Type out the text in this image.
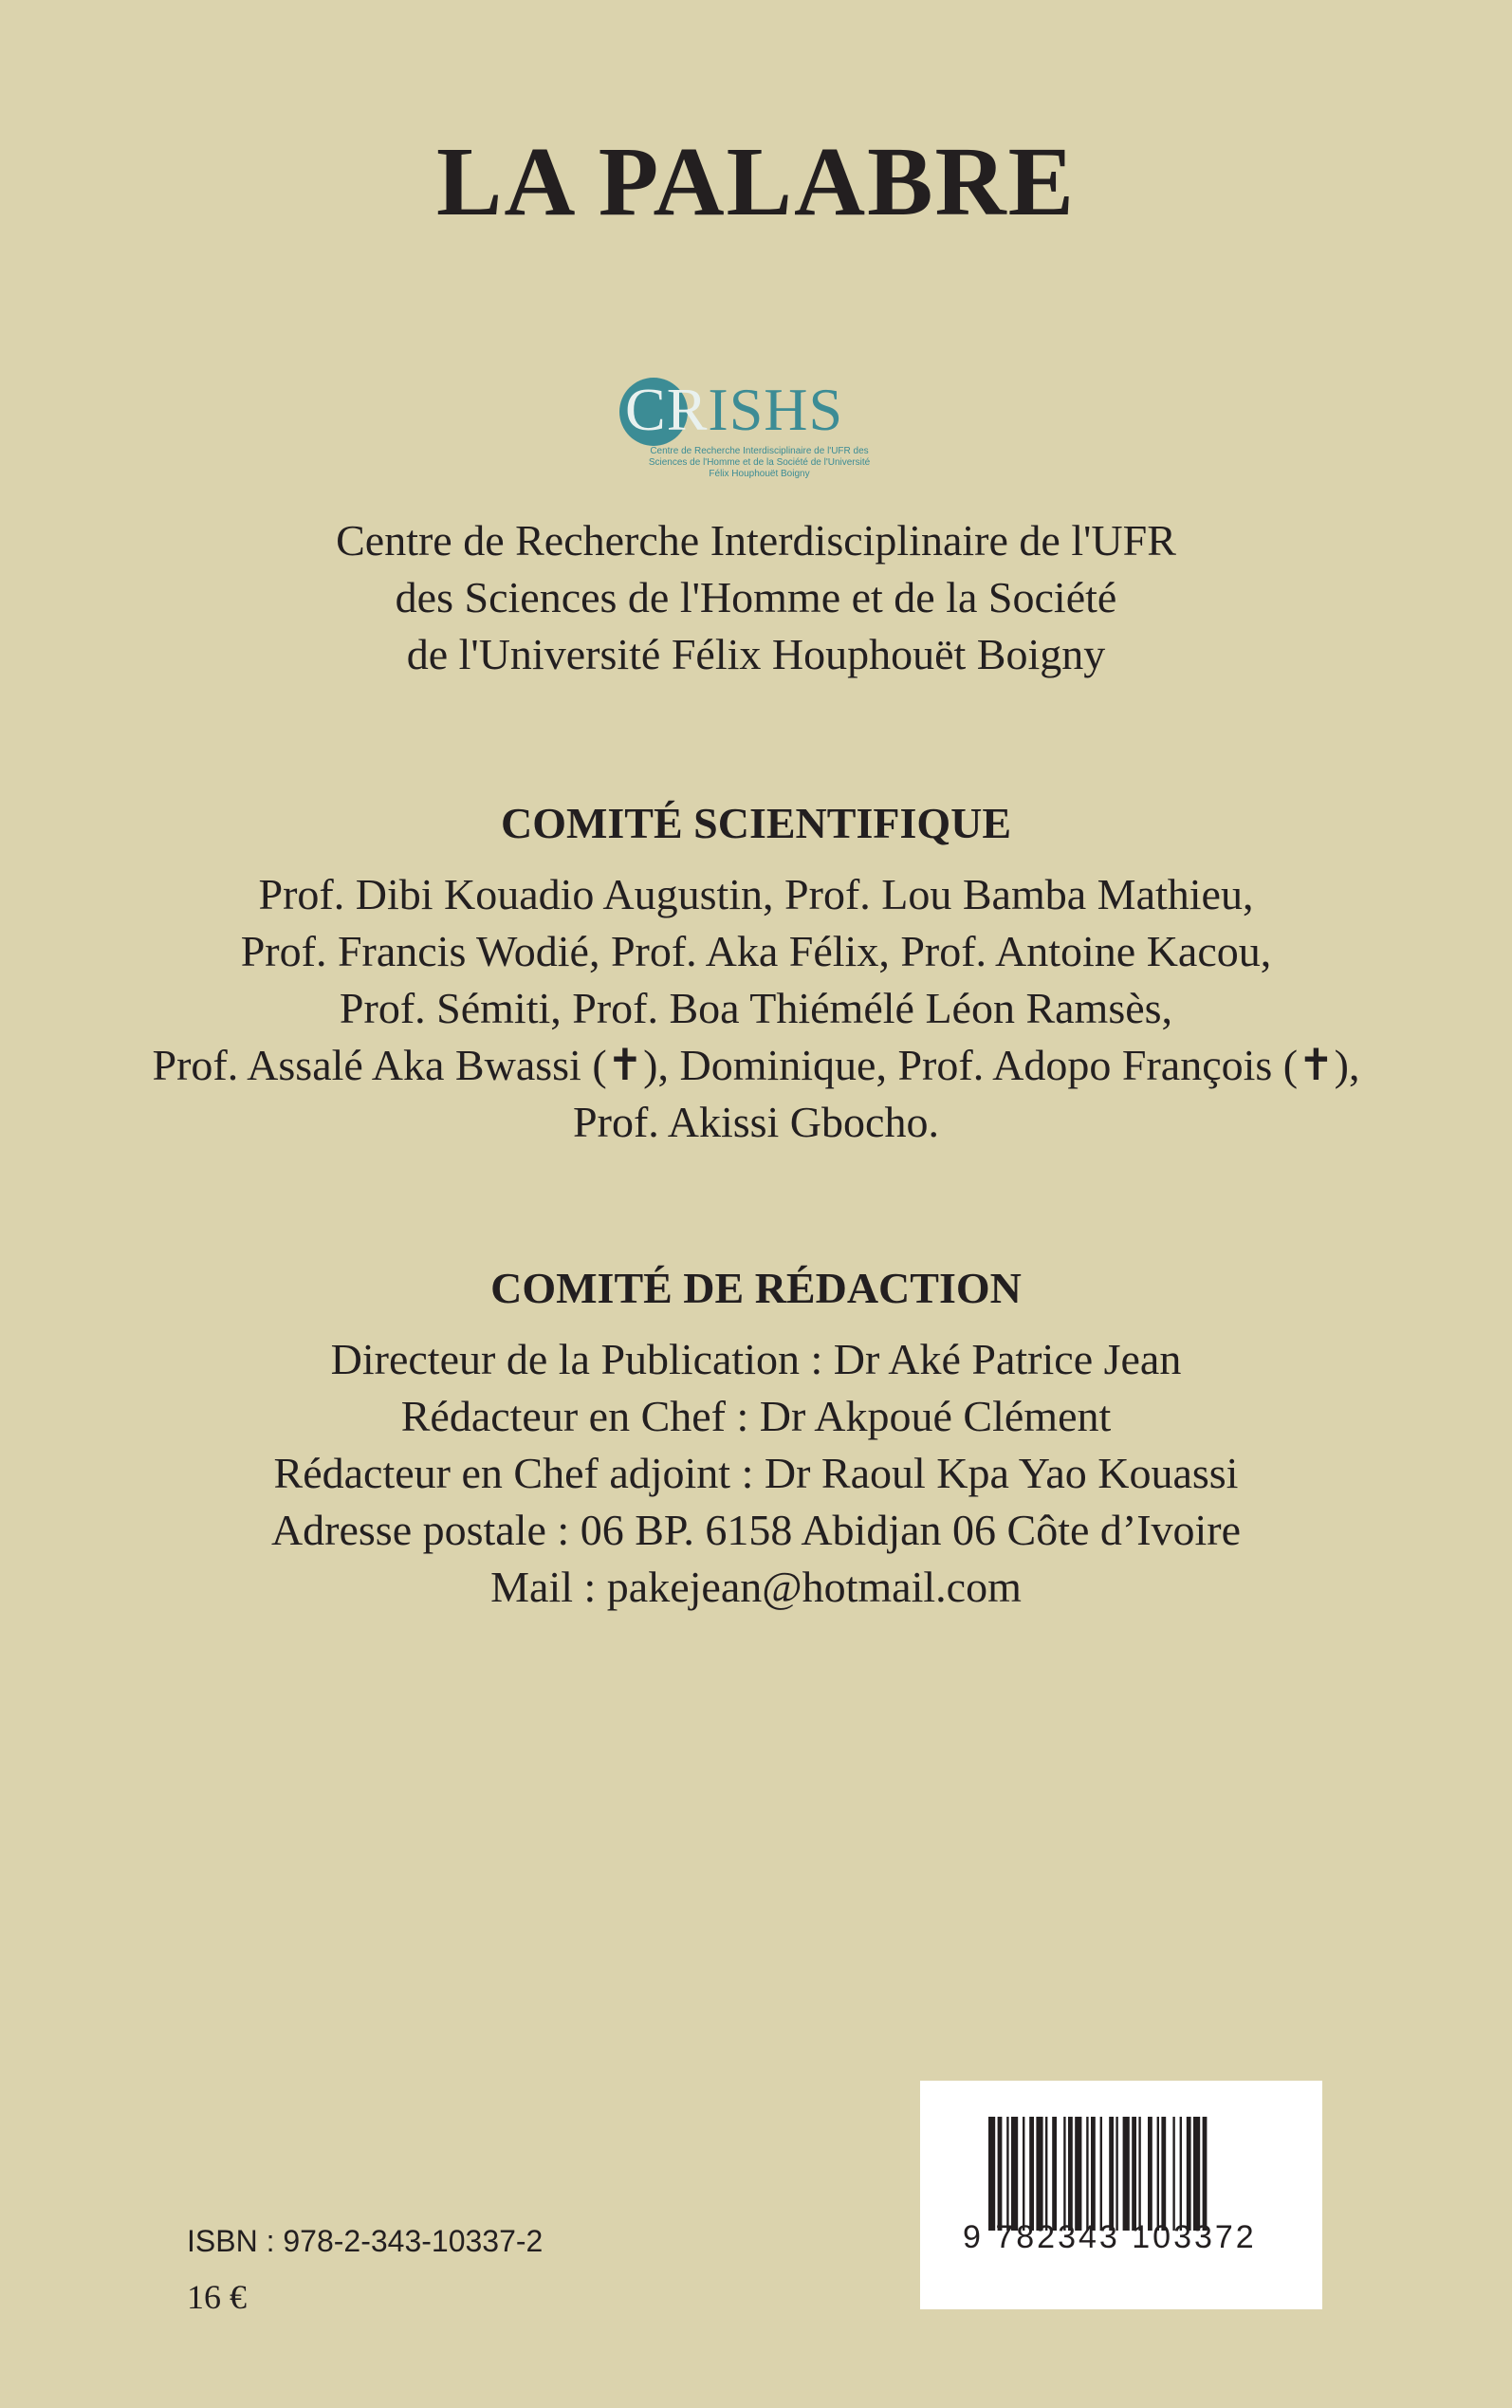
LA PALABRE
CRISHS
Centre de Recherche Interdisciplinaire de l'UFR des
Sciences de l'Homme et de la Société de l'Université
Félix Houphouët Boigny
Centre de Recherche Interdisciplinaire de l'UFR
des Sciences de l'Homme et de la Société
de l'Université Félix Houphouët Boigny
COMITÉ SCIENTIFIQUE
Prof. Dibi Kouadio Augustin, Prof. Lou Bamba Mathieu,
Prof. Francis Wodié, Prof. Aka Félix, Prof. Antoine Kacou,
Prof. Sémiti, Prof. Boa Thiémélé Léon Ramsès,
Prof. Assalé Aka Bwassi (✝), Dominique, Prof. Adopo François (✝),
Prof. Akissi Gbocho.
COMITÉ DE RÉDACTION
Directeur de la Publication : Dr Aké Patrice Jean
Rédacteur en Chef : Dr Akpoué Clément
Rédacteur en Chef adjoint : Dr Raoul Kpa Yao Kouassi
Adresse postale : 06 BP. 6158 Abidjan 06 Côte d’Ivoire
Mail : pakejean@hotmail.com
9 782343 103372
ISBN : 978-2-343-10337-2
16 €
